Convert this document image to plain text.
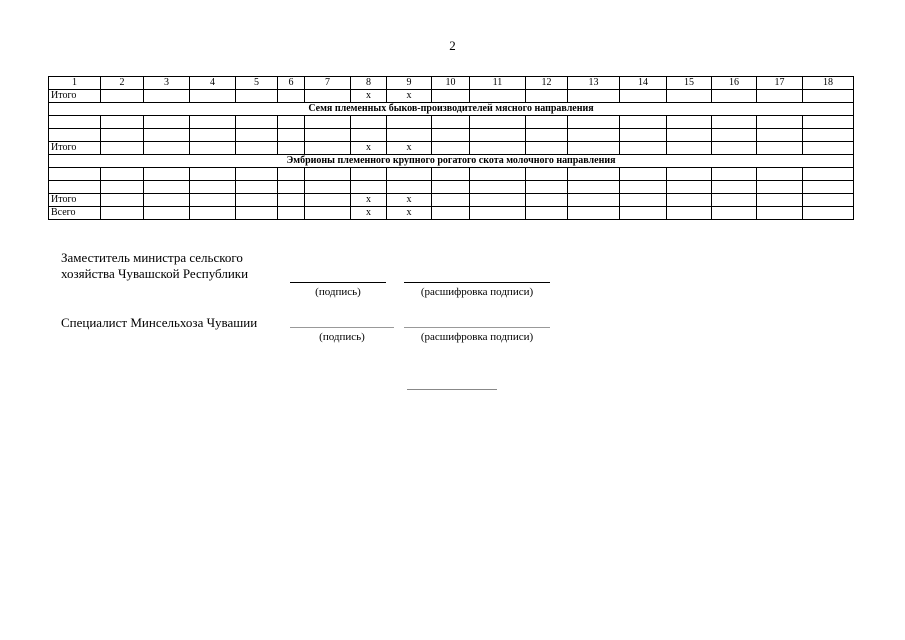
2
1	2	3	4	5	6	7	8	9	10	11	12	13	14	15	16	17	18
Итого							х	х									
Семя племенных быков-производителей мясного направления																	

Итого							х	х									
Эмбрионы племенного крупного рогатого скота молочного направления																	

Итого							х	х									
Всего							х	х									
Заместитель министра сельского
хозяйства Чувашской Республики
(подпись)	(расшифровка подписи)
Специалист Минсельхоза Чувашии
(подпись)	(расшифровка подписи)
